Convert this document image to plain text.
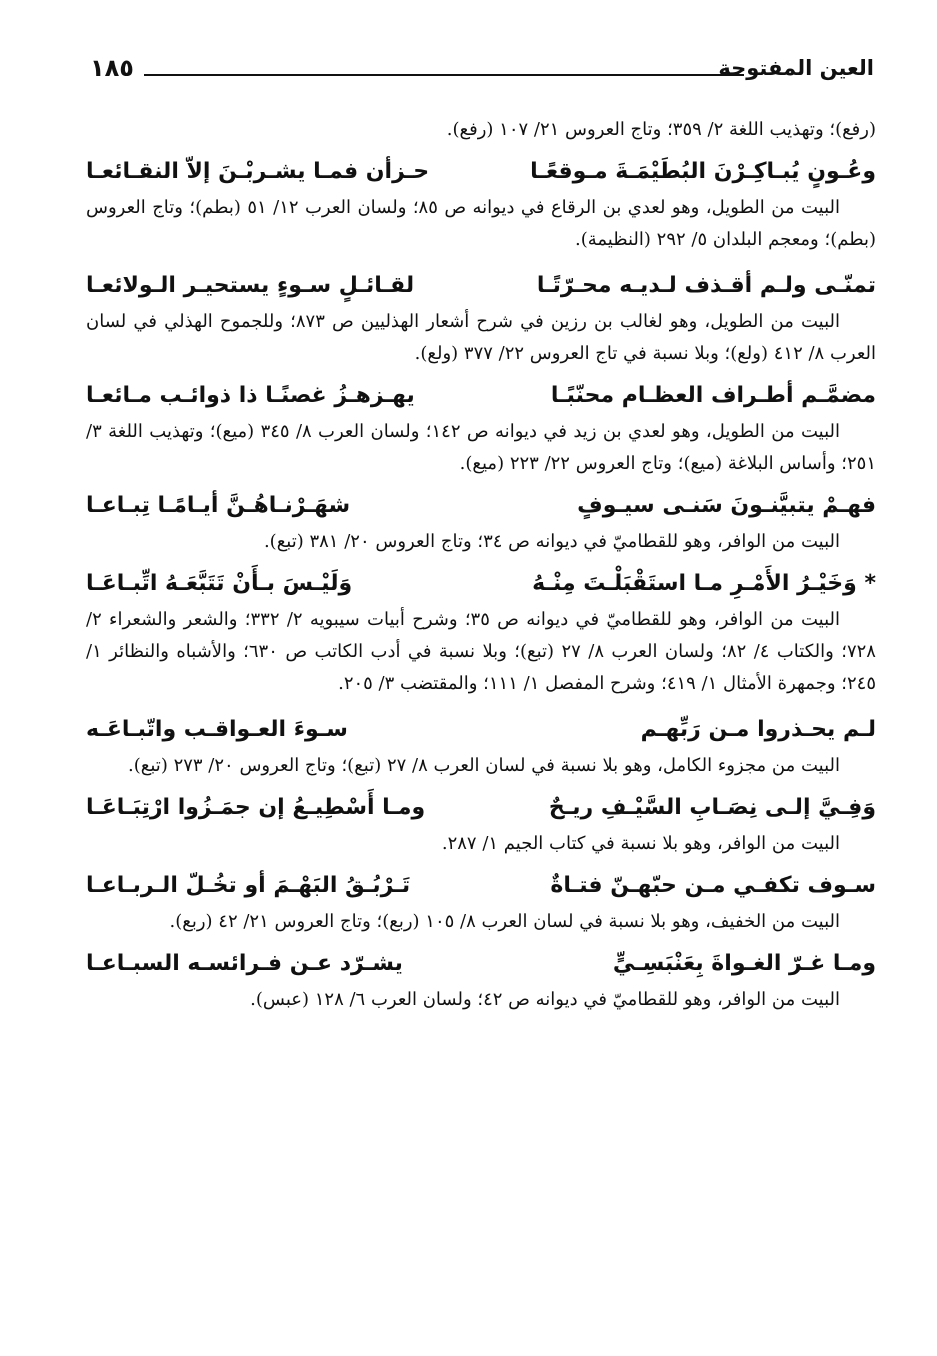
العين المفتوحة
١٨٥

(رفع)؛ وتهذيب اللغة ٢/ ٣٥٩؛ وتاج العروس ٢١/ ١٠٧ (رفع).

وعُـونٍ يُبـاكِـرْنَ البُطَيْمَـةَ مـوقعًـا
حـزأن فمـا يشـربْـنَ إلاّ النقـائعـا

البيت من الطويل، وهو لعدي بن الرقاع في ديوانه ص ٨٥؛ ولسان العرب ١٢/ ٥١ (بطم)؛ وتاج العروس (بطم)؛ ومعجم البلدان ٥/ ٢٩٢ (النظيمة).

تمنّـى ولـم أقـذف لـديـه محـرّتًـا
لقـائـلٍ سـوءٍ يستحيـر الـولائعـا

البيت من الطويل، وهو لغالب بن رزين في شرح أشعار الهذليين ص ٨٧٣؛ وللجموح الهذلي في لسان العرب ٨/ ٤١٢ (ولع)؛ وبلا نسبة في تاج العروس ٢٢/ ٣٧٧ (ولع).

مضمَّـم أطـراف العظـام محنّبًـا
يهـزهـزُ غصنًـا ذا ذوائـب مـائعـا

البيت من الطويل، وهو لعدي بن زيد في ديوانه ص ١٤٢؛ ولسان العرب ٨/ ٣٤٥ (ميع)؛ وتهذيب اللغة ٣/ ٢٥١؛ وأساس البلاغة (ميع)؛ وتاج العروس ٢٢/ ٢٢٣ (ميع).

فهـمْ يتبيَّنـونَ سَنـى سيـوفٍ
شهَـرْنـاهُـنَّ أيـامًـا تِبـاعـا

البيت من الوافر، وهو للقطاميّ في ديوانه ص ٣٤؛ وتاج العروس ٢٠/ ٣٨١ (تبع).

* وَخَيْـرُ الأَمْـرِ مـا استَقْبَلْـتَ مِنْـهُ
وَلَيْـسَ بـأَنْ تَتَبَّعَـهُ اتِّبـاعَـا

البيت من الوافر، وهو للقطاميّ في ديوانه ص ٣٥؛ وشرح أبيات سيبويه ٢/ ٣٣٢؛ والشعر والشعراء ٢/ ٧٢٨؛ والكتاب ٤/ ٨٢؛ ولسان العرب ٨/ ٢٧ (تبع)؛ وبلا نسبة في أدب الكاتب ص ٦٣٠؛ والأشباه والنظائر ١/ ٢٤٥؛ وجمهرة الأمثال ١/ ٤١٩؛ وشرح المفصل ١/ ١١١؛ والمقتضب ٣/ ٢٠٥.

لـم يحـذروا مـن رَبِّهـم
سـوءَ العـواقـب واتّبـاعَـه

البيت من مجزوء الكامل، وهو بلا نسبة في لسان العرب ٨/ ٢٧ (تبع)؛ وتاج العروس ٢٠/ ٢٧٣ (تبع).

وَفِـيَّ إلـى نِصَـابِ السَّيْـفِ ريـحٌ
ومـا أَسْطِيـعُ إن جمَـزُوا ارْتِبَـاعَـا

البيت من الوافر، وهو بلا نسبة في كتاب الجيم ١/ ٢٨٧.

سـوف تكفـي مـن حبّهـنّ فتـاةٌ
تَـرْبُـقُ البَهْـمَ أو تخُـلّ الـربـاعـا

البيت من الخفيف، وهو بلا نسبة في لسان العرب ٨/ ١٠٥ (ربع)؛ وتاج العروس ٢١/ ٤٢ (ربع).

ومـا غـرّ الغـواةَ بِعَنْبَسِـيٍّ
يشـرّد عـن فـرائسـه السبـاعـا

البيت من الوافر، وهو للقطاميّ في ديوانه ص ٤٢؛ ولسان العرب ٦/ ١٢٨ (عبس).
